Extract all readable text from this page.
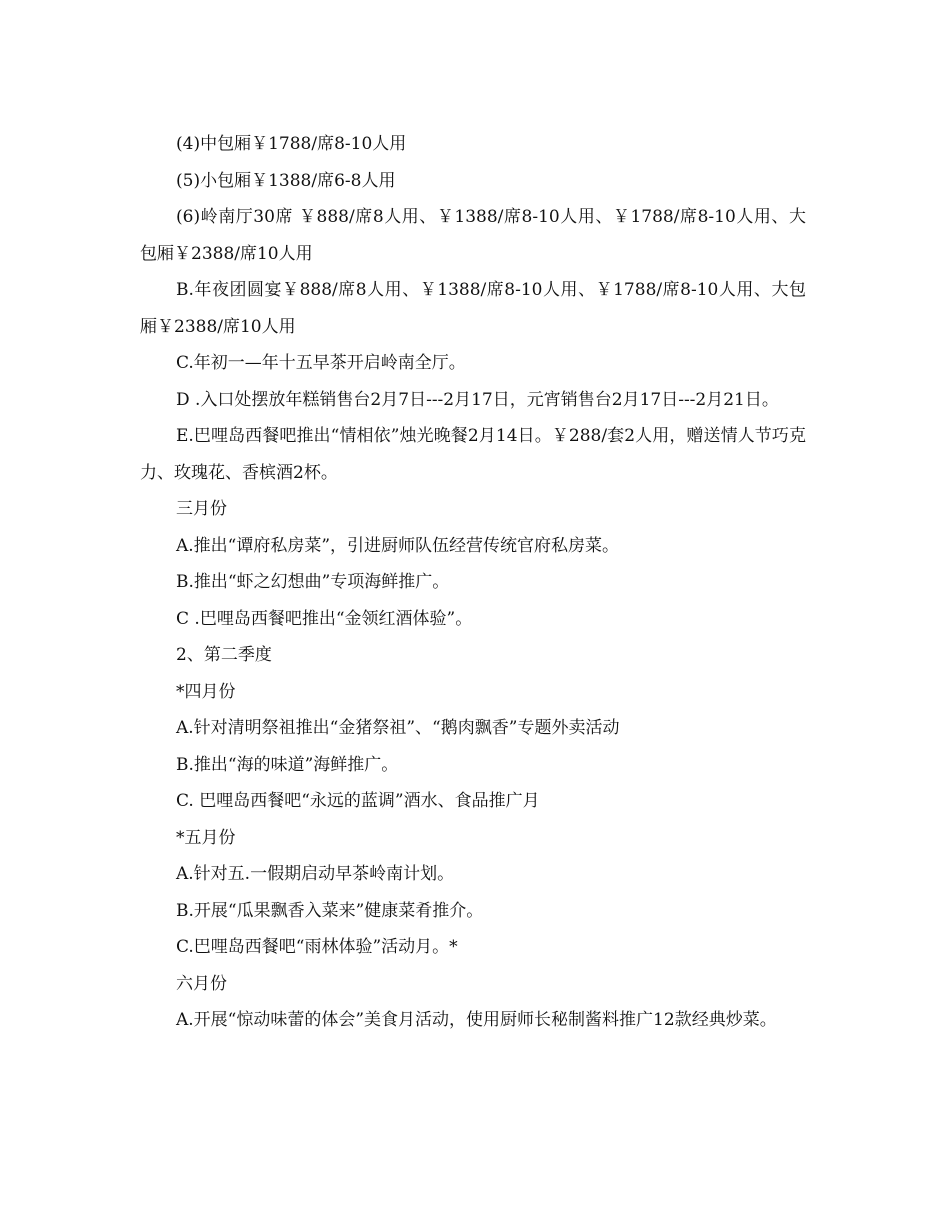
(4)中包厢￥1788/席8-10人用

(5)小包厢￥1388/席6-8人用

(6)岭南厅30席 ￥888/席8人用、￥1388/席8-10人用、￥1788/席8-10人用、大包厢￥2388/席10人用

B.年夜团圆宴￥888/席8人用、￥1388/席8-10人用、￥1788/席8-10人用、大包厢￥2388/席10人用

C.年初一—年十五早茶开启岭南全厅。

D .入口处摆放年糕销售台2月7日---2月17日，元宵销售台2月17日---2月21日。

E.巴哩岛西餐吧推出“情相依”烛光晚餐2月14日。￥288/套2人用，赠送情人节巧克力、玫瑰花、香槟酒2杯。

三月份

A.推出“谭府私房菜”，引进厨师队伍经营传统官府私房菜。

B.推出“虾之幻想曲”专项海鲜推广。

C .巴哩岛西餐吧推出“金领红酒体验”。

2、第二季度

*四月份

A.针对清明祭祖推出“金猪祭祖”、“鹅肉飘香”专题外卖活动

B.推出“海的味道”海鲜推广。

C. 巴哩岛西餐吧“永远的蓝调”酒水、食品推广月

*五月份

A.针对五.一假期启动早茶岭南计划。

B.开展“瓜果飘香入菜来”健康菜肴推介。

C.巴哩岛西餐吧“雨林体验”活动月。*

六月份

A.开展“惊动味蕾的体会”美食月活动，使用厨师长秘制酱料推广12款经典炒菜。
